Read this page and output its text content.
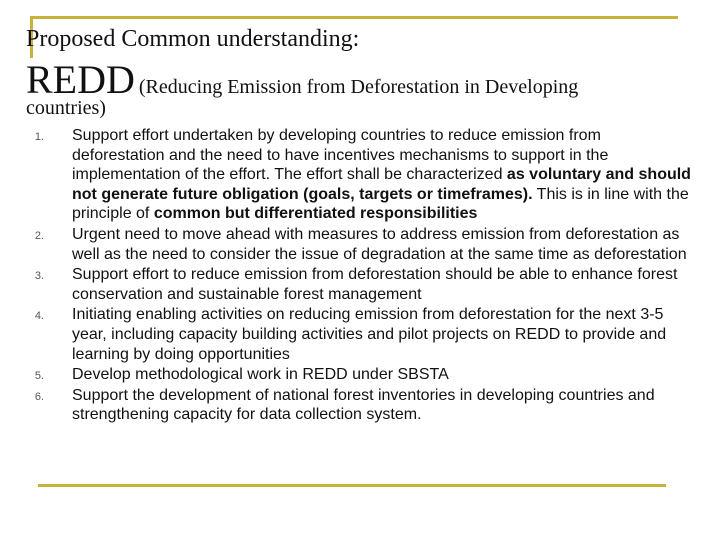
Proposed Common understanding:
REDD (Reducing Emission from Deforestation in Developing
countries)
1. Support effort undertaken by developing countries to reduce emission from deforestation and the need to have incentives mechanisms to support in the implementation of the effort. The effort shall be characterized as voluntary and should not generate future obligation (goals, targets or timeframes). This is in line with the principle of common but differentiated responsibilities
2. Urgent need to move ahead with measures to address emission from deforestation as well as the need to consider the issue of degradation at the same time as deforestation
3. Support effort to reduce emission from deforestation should be able to enhance forest conservation and sustainable forest management
4. Initiating enabling activities on reducing emission from deforestation for the next 3-5 year, including capacity building activities and pilot projects on REDD to provide and learning by doing opportunities
5. Develop methodological work in REDD under SBSTA
6. Support the development of national forest inventories in developing countries and strengthening capacity for data collection system.
